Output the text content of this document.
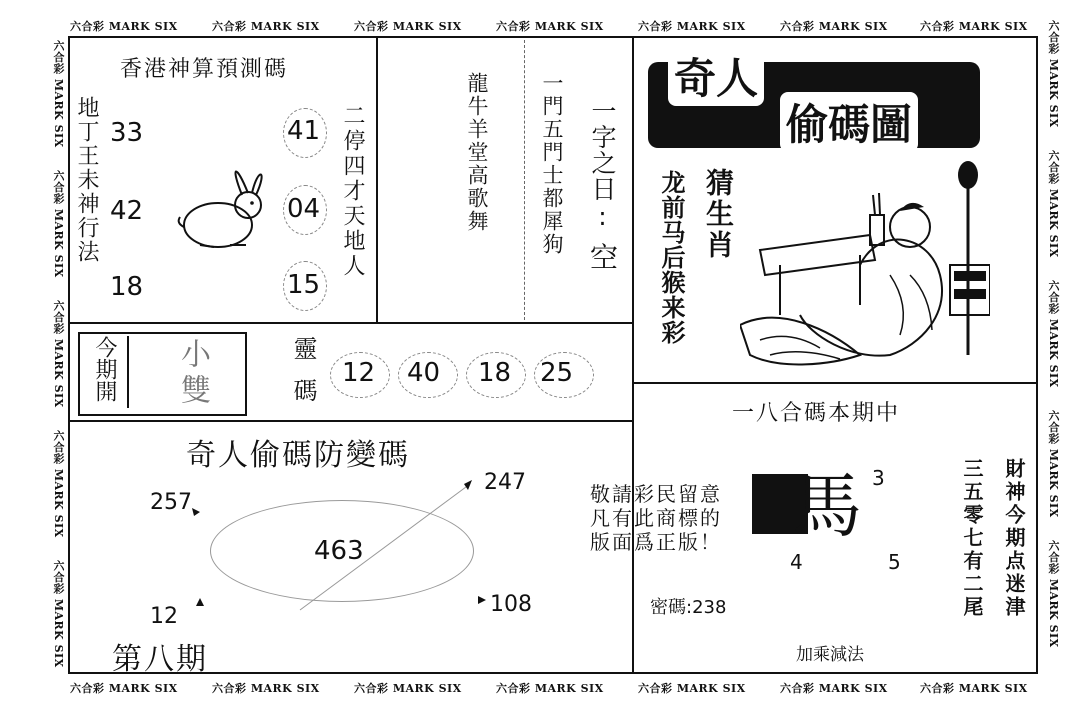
六合彩 MARK SIX	六合彩 MARK SIX	六合彩 MARK SIX	六合彩 MARK SIX	六合彩 MARK SIX	六合彩 MARK SIX	六合彩 MARK SIX
六合彩 MARK SIX	六合彩 MARK SIX	六合彩 MARK SIX	六合彩 MARK SIX	六合彩 MARK SIX	六合彩 MARK SIX	六合彩 MARK SIX
六合彩 MARK SIX
六合彩 MARK SIX
六合彩 MARK SIX
六合彩 MARK SIX
六合彩 MARK SIX
六合彩 MARK SIX
六合彩 MARK SIX
六合彩 MARK SIX
六合彩 MARK SIX
六合彩 MARK SIX
香港神算預測碼
地丁王未神行法 33
42
18
41
04
15
二停四才天地人	龍牛羊堂高歌舞 一門五門士都犀狗 一字之日:
空
奇人
偷碼圖
猜生肖
龙前马后猴来彩
今期開 小雙	靈碼 12 40 18 25
奇人偷碼防變碼
463
257
247
12	108
第八期
一八合碼本期中
敬請彩民留意
凡有此商標的
版面爲正版！ 馬 3
4	5
密碼:238
加乘減法
財神今期点迷津
三五零七有二尾
